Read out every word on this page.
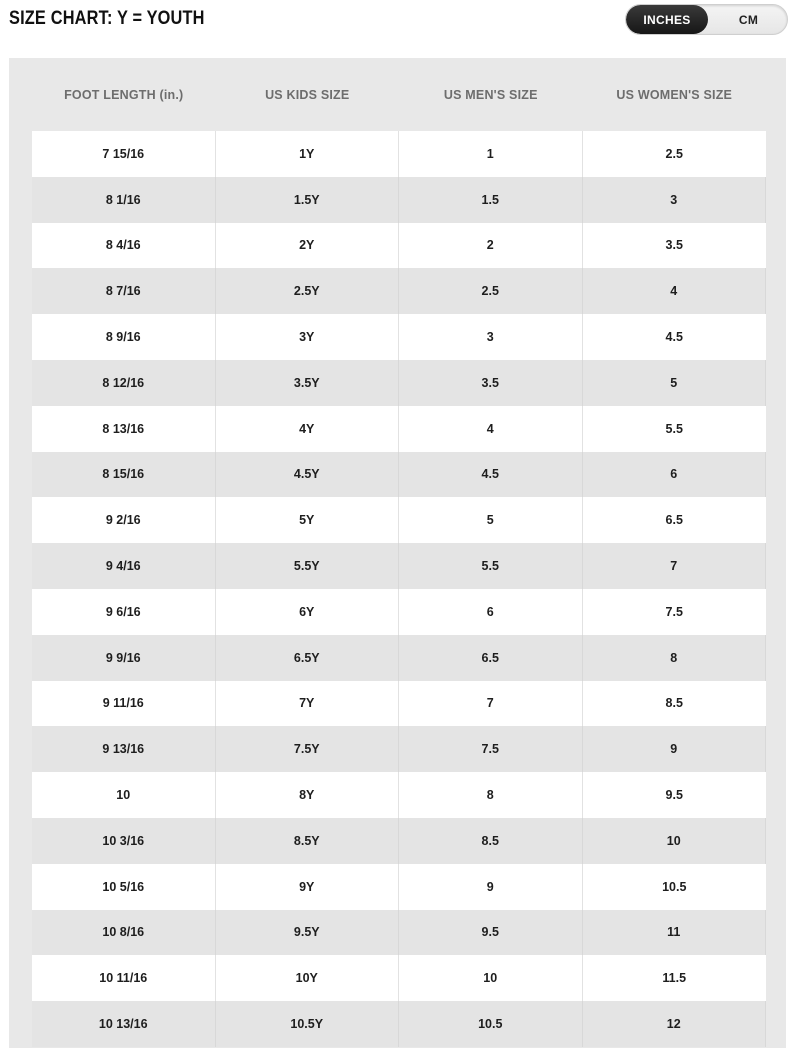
SIZE CHART: Y = YOUTH	INCHES	CM
FOOT LENGTH (in.)	US KIDS SIZE	US MEN'S SIZE	US WOMEN'S SIZE
7 15/16	1Y	1	2.5
8 1/16	1.5Y	1.5	3
8 4/16	2Y	2	3.5
8 7/16	2.5Y	2.5	4
8 9/16	3Y	3	4.5
8 12/16	3.5Y	3.5	5
8 13/16	4Y	4	5.5
8 15/16	4.5Y	4.5	6
9 2/16	5Y	5	6.5
9 4/16	5.5Y	5.5	7
9 6/16	6Y	6	7.5
9 9/16	6.5Y	6.5	8
9 11/16	7Y	7	8.5
9 13/16	7.5Y	7.5	9
10	8Y	8	9.5
10 3/16	8.5Y	8.5	10
10 5/16	9Y	9	10.5
10 8/16	9.5Y	9.5	11
10 11/16	10Y	10	11.5
10 13/16	10.5Y	10.5	12
